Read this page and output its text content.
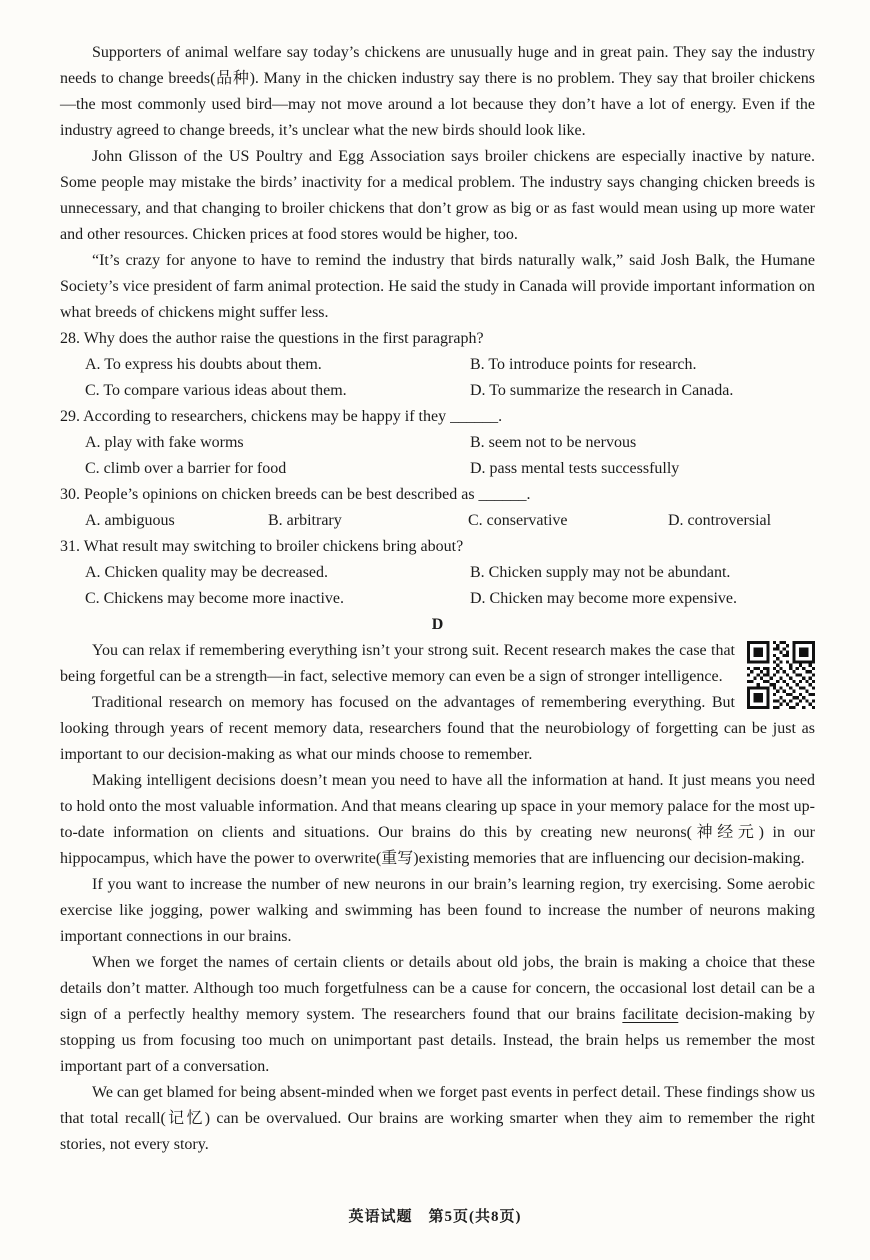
Supporters of animal welfare say today’s chickens are unusually huge and in great pain. They say the industry needs to change breeds(品种). Many in the chicken industry say there is no problem. They say that broiler chickens—the most commonly used bird—may not move around a lot because they don’t have a lot of energy. Even if the industry agreed to change breeds, it’s unclear what the new birds should look like.

John Glisson of the US Poultry and Egg Association says broiler chickens are especially inactive by nature. Some people may mistake the birds’ inactivity for a medical problem. The industry says changing chicken breeds is unnecessary, and that changing to broiler chickens that don’t grow as big or as fast would mean using up more water and other resources. Chicken prices at food stores would be higher, too.

“It’s crazy for anyone to have to remind the industry that birds naturally walk,” said Josh Balk, the Humane Society’s vice president of farm animal protection. He said the study in Canada will provide important information on what breeds of chickens might suffer less.

28. Why does the author raise the questions in the first paragraph?

A. To express his doubts about them.	B. To introduce points for research.
C. To compare various ideas about them.	D. To summarize the research in Canada.

29. According to researchers, chickens may be happy if they ______.

A. play with fake worms	B. seem not to be nervous
C. climb over a barrier for food	D. pass mental tests successfully

30. People’s opinions on chicken breeds can be best described as ______.

A. ambiguous	B. arbitrary	C. conservative	D. controversial

31. What result may switching to broiler chickens bring about?

A. Chicken quality may be decreased.	B. Chicken supply may not be abundant.
C. Chickens may become more inactive.	D. Chicken may become more expensive.

D

You can relax if remembering everything isn’t your strong suit. Recent research makes the case that being forgetful can be a strength—in fact, selective memory can even be a sign of stronger intelligence.

Traditional research on memory has focused on the advantages of remembering everything. But looking through years of recent memory data, researchers found that the neurobiology of forgetting can be just as important to our decision-making as what our minds choose to remember.

Making intelligent decisions doesn’t mean you need to have all the information at hand. It just means you need to hold onto the most valuable information. And that means clearing up space in your memory palace for the most up-to-date information on clients and situations. Our brains do this by creating new neurons(神经元) in our hippocampus, which have the power to overwrite(重写)existing memories that are influencing our decision-making.

If you want to increase the number of new neurons in our brain’s learning region, try exercising. Some aerobic exercise like jogging, power walking and swimming has been found to increase the number of neurons making important connections in our brains.

When we forget the names of certain clients or details about old jobs, the brain is making a choice that these details don’t matter. Although too much forgetfulness can be a cause for concern, the occasional lost detail can be a sign of a perfectly healthy memory system. The researchers found that our brains facilitate decision-making by stopping us from focusing too much on unimportant past details. Instead, the brain helps us remember the most important part of a conversation.

We can get blamed for being absent-minded when we forget past events in perfect detail. These findings show us that total recall(记忆) can be overvalued. Our brains are working smarter when they aim to remember the right stories, not every story.

英语试题　第5页(共8页)
